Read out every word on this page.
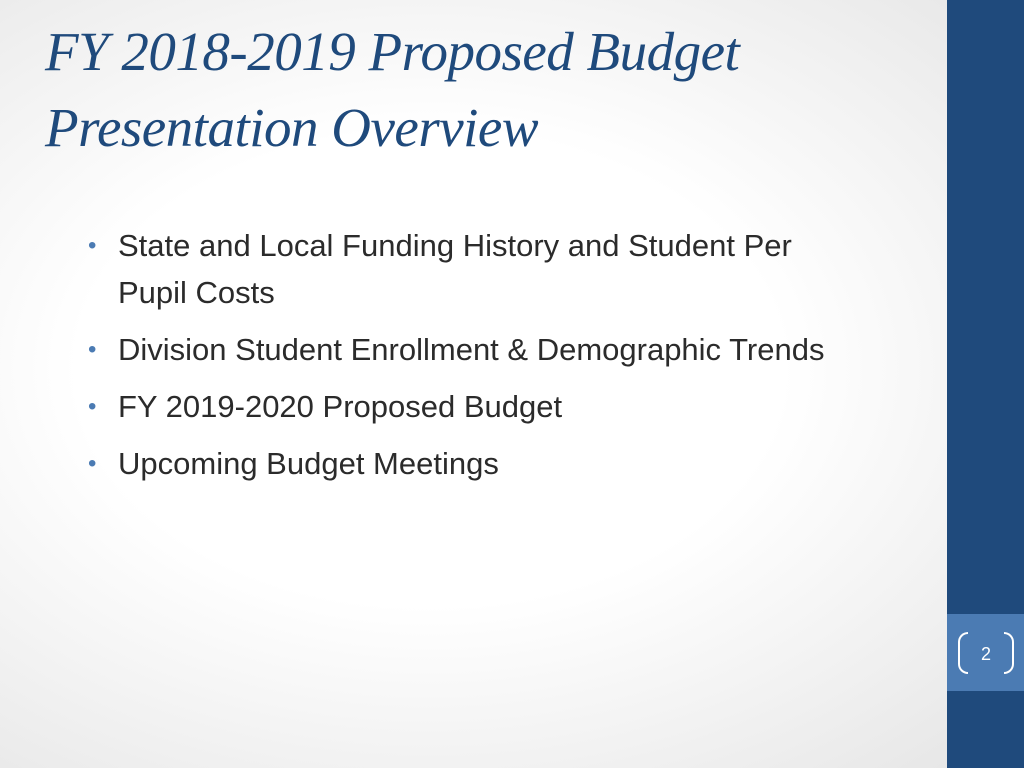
FY 2018-2019 Proposed Budget
Presentation Overview
• State and Local Funding History and Student Per Pupil Costs
• Division Student Enrollment & Demographic Trends
• FY 2019-2020 Proposed Budget
• Upcoming Budget Meetings
2
